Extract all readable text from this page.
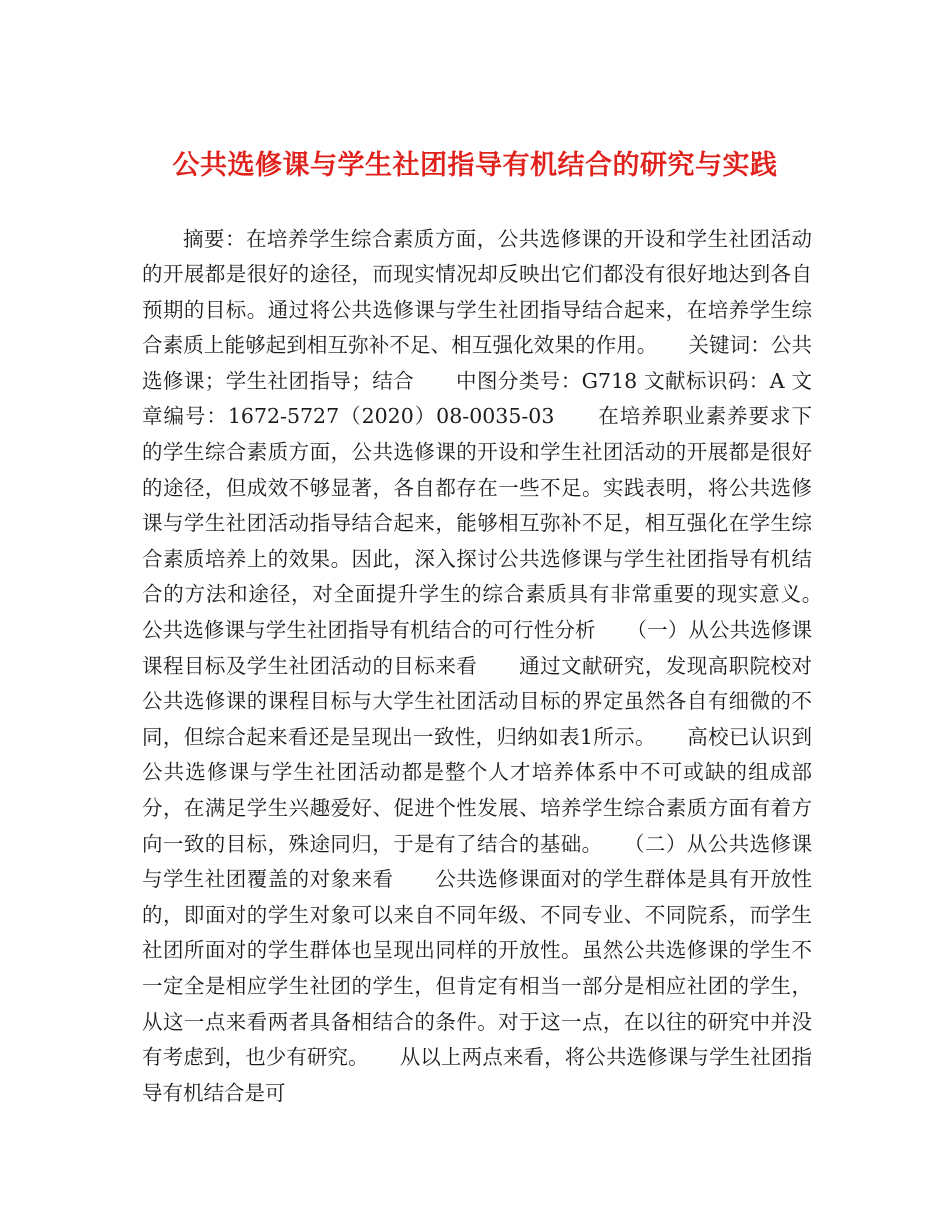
公共选修课与学生社团指导有机结合的研究与实践

摘要：在培养学生综合素质方面，公共选修课的开设和学生社团活动的开展都是很好的途径，而现实情况却反映出它们都没有很好地达到各自预期的目标。通过将公共选修课与学生社团指导结合起来，在培养学生综合素质上能够起到相互弥补不足、相互强化效果的作用。　　关键词：公共选修课；学生社团指导；结合　　中图分类号：G718 文献标识码：A 文章编号：1672-5727（2020）08-0035-03　　在培养职业素养要求下的学生综合素质方面，公共选修课的开设和学生社团活动的开展都是很好的途径，但成效不够显著，各自都存在一些不足。实践表明，将公共选修课与学生社团活动指导结合起来，能够相互弥补不足，相互强化在学生综合素质培养上的效果。因此，深入探讨公共选修课与学生社团指导有机结合的方法和途径，对全面提升学生的综合素质具有非常重要的现实意义。　　公共选修课与学生社团指导有机结合的可行性分析　　（一）从公共选修课课程目标及学生社团活动的目标来看　　通过文献研究，发现高职院校对公共选修课的课程目标与大学生社团活动目标的界定虽然各自有细微的不同，但综合起来看还是呈现出一致性，归纳如表1所示。　　高校已认识到公共选修课与学生社团活动都是整个人才培养体系中不可或缺的组成部分，在满足学生兴趣爱好、促进个性发展、培养学生综合素质方面有着方向一致的目标，殊途同归，于是有了结合的基础。　　（二）从公共选修课与学生社团覆盖的对象来看　　公共选修课面对的学生群体是具有开放性的，即面对的学生对象可以来自不同年级、不同专业、不同院系，而学生社团所面对的学生群体也呈现出同样的开放性。虽然公共选修课的学生不一定全是相应学生社团的学生，但肯定有相当一部分是相应社团的学生，从这一点来看两者具备相结合的条件。对于这一点，在以往的研究中并没有考虑到，也少有研究。　　从以上两点来看，将公共选修课与学生社团指导有机结合是可
